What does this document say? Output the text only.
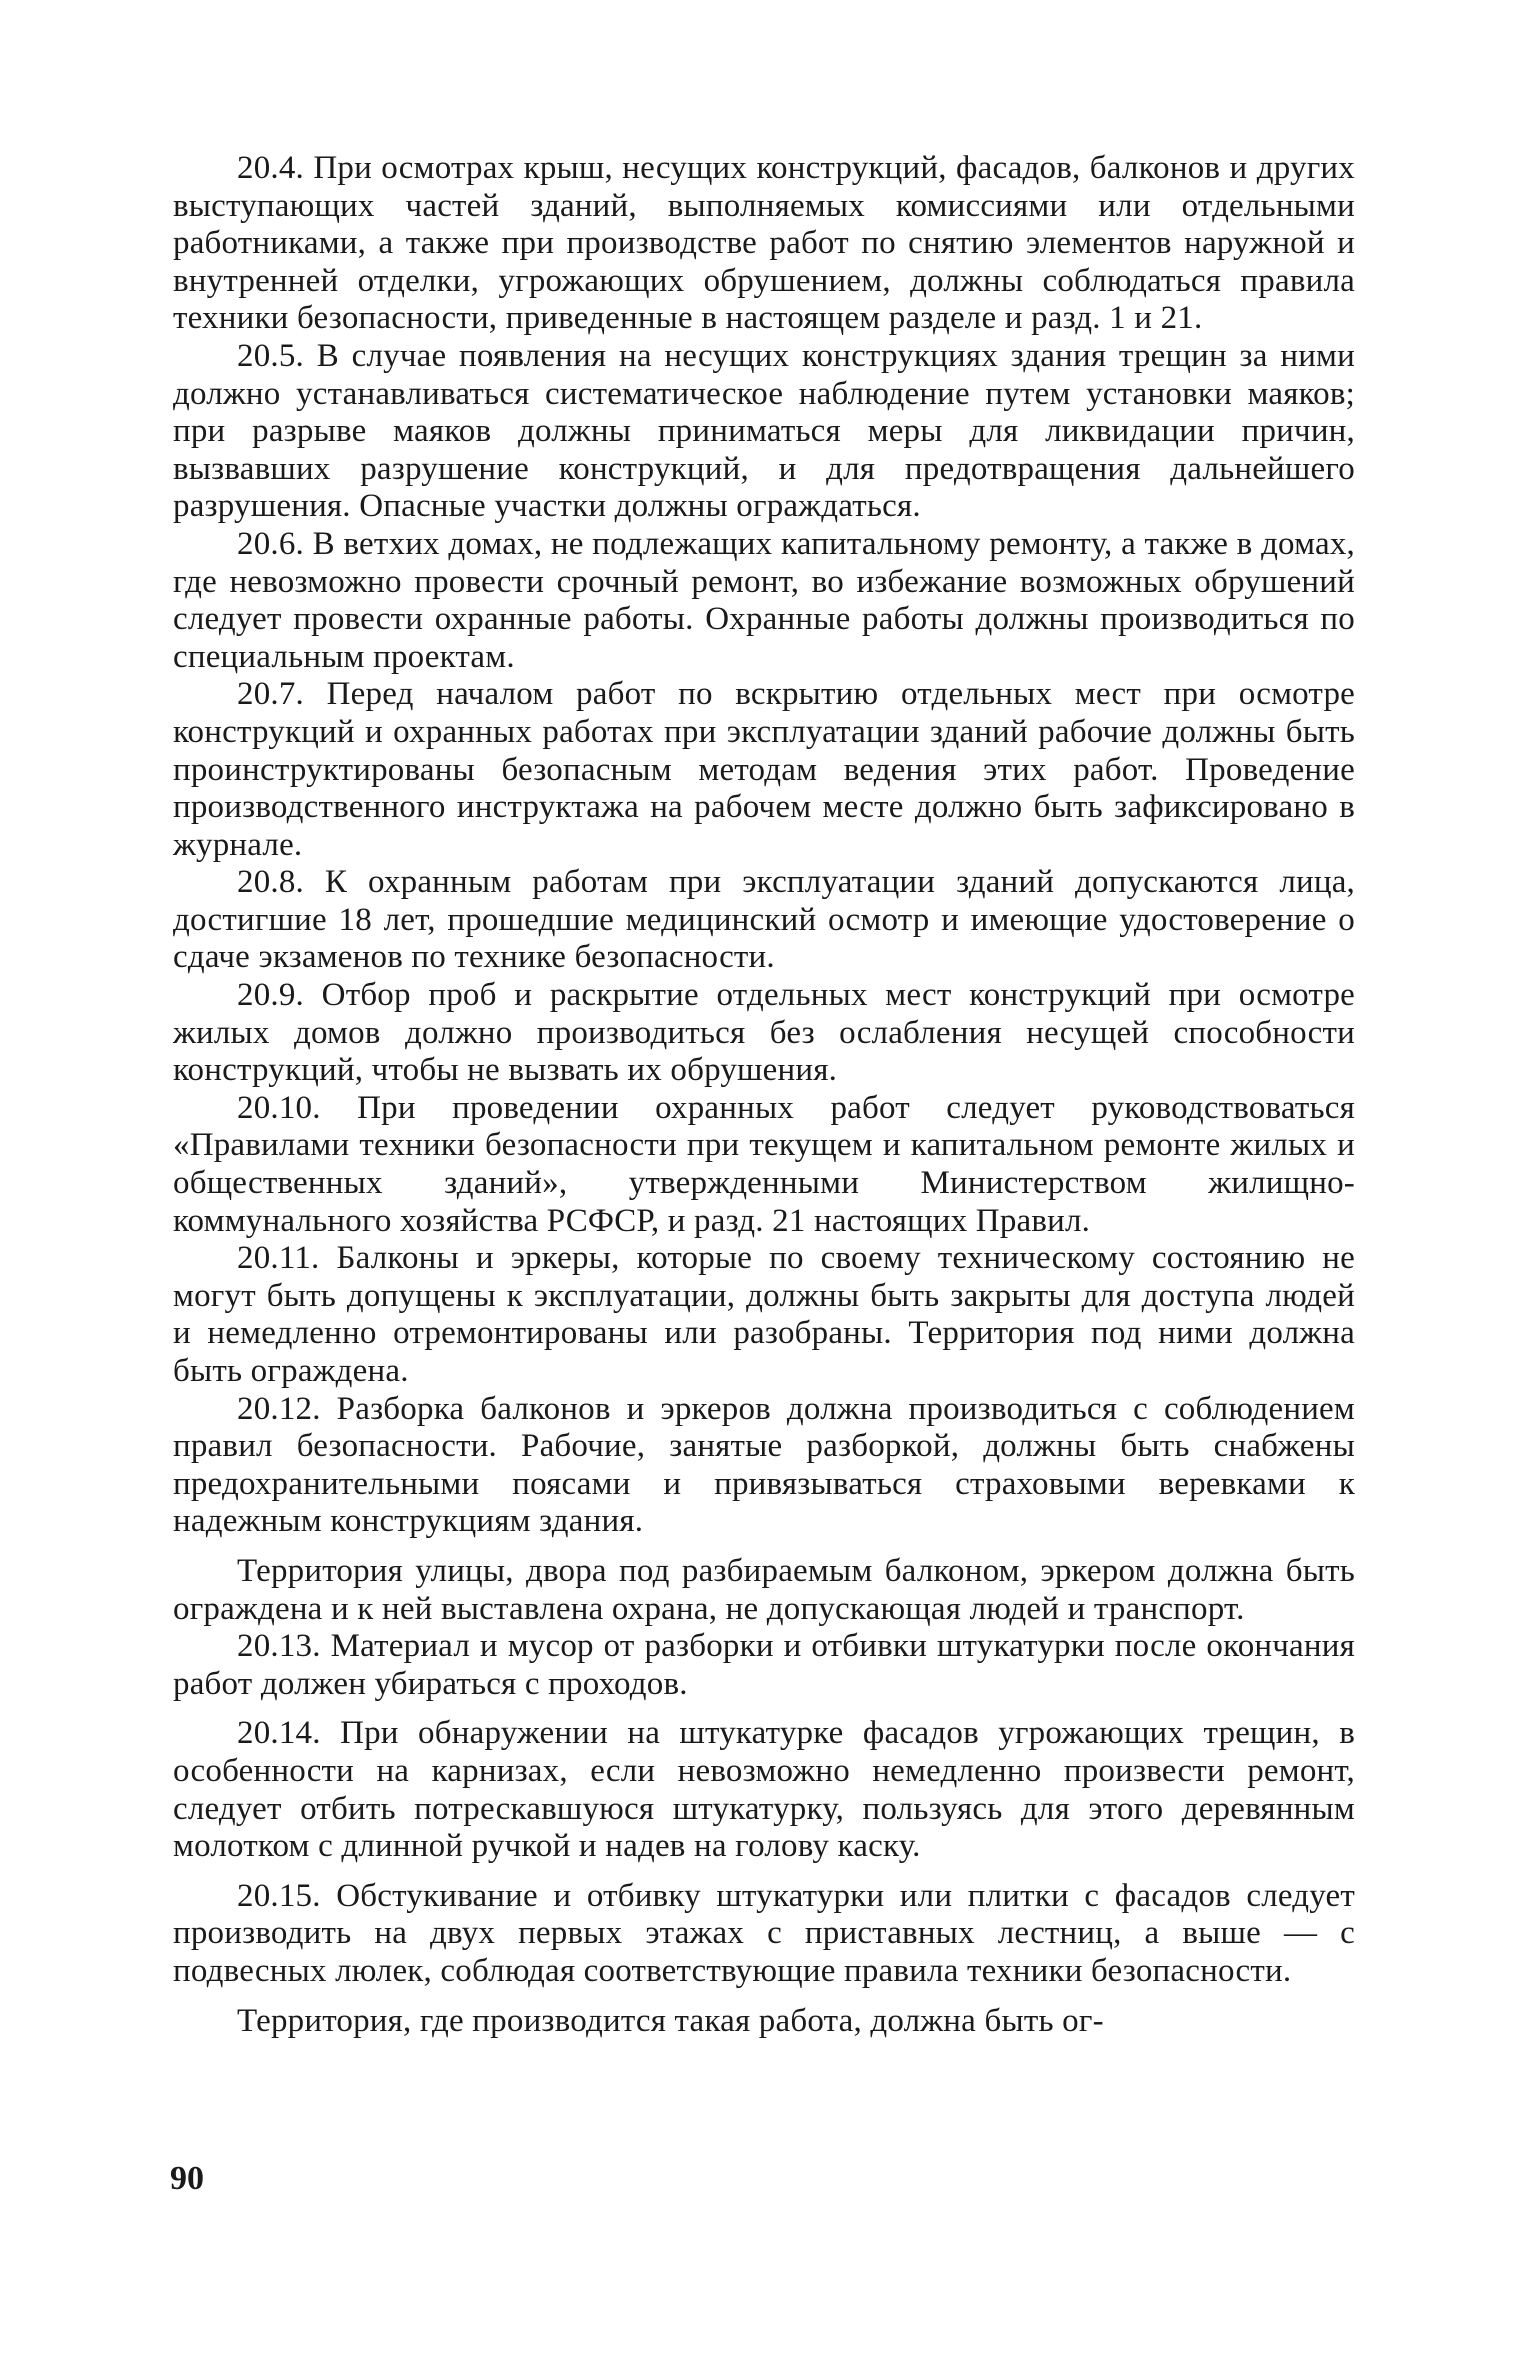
20.4. При осмотрах крыш, несущих конструкций, фасадов, балконов и других выступающих частей зданий, выполняемых комиссиями или отдельными работниками, а также при производстве работ по снятию элементов наружной и внутренней отделки, угрожающих обрушением, должны соблюдаться правила техники безопасности, приведенные в настоящем разделе и разд. 1 и 21.

20.5. В случае появления на несущих конструкциях здания трещин за ними должно устанавливаться систематическое наблюдение путем установки маяков; при разрыве маяков должны приниматься меры для ликвидации причин, вызвавших разрушение конструкций, и для предотвращения дальнейшего разрушения. Опасные участки должны ограждаться.

20.6. В ветхих домах, не подлежащих капитальному ремонту, а также в домах, где невозможно провести срочный ремонт, во избежание возможных обрушений следует провести охранные работы. Охранные работы должны производиться по специальным проектам.

20.7. Перед началом работ по вскрытию отдельных мест при осмотре конструкций и охранных работах при эксплуатации зданий рабочие должны быть проинструктированы безопасным методам ведения этих работ. Проведение производственного инструктажа на рабочем месте должно быть зафиксировано в журнале.

20.8. К охранным работам при эксплуатации зданий допускаются лица, достигшие 18 лет, прошедшие медицинский осмотр и имеющие удостоверение о сдаче экзаменов по технике безопасности.

20.9. Отбор проб и раскрытие отдельных мест конструкций при осмотре жилых домов должно производиться без ослабления несущей способности конструкций, чтобы не вызвать их обрушения.

20.10. При проведении охранных работ следует руководствоваться «Правилами техники безопасности при текущем и капитальном ремонте жилых и общественных зданий», утвержденными Министерством жилищно-коммунального хозяйства РСФСР, и разд. 21 настоящих Правил.

20.11. Балконы и эркеры, которые по своему техническому состоянию не могут быть допущены к эксплуатации, должны быть закрыты для доступа людей и немедленно отремонтированы или разобраны. Территория под ними должна быть ограждена.

20.12. Разборка балконов и эркеров должна производиться с соблюдением правил безопасности. Рабочие, занятые разборкой, должны быть снабжены предохранительными поясами и привязываться страховыми веревками к надежным конструкциям здания.

Территория улицы, двора под разбираемым балконом, эркером должна быть ограждена и к ней выставлена охрана, не допускающая людей и транспорт.

20.13. Материал и мусор от разборки и отбивки штукатурки после окончания работ должен убираться с проходов.

20.14. При обнаружении на штукатурке фасадов угрожающих трещин, в особенности на карнизах, если невозможно немедленно произвести ремонт, следует отбить потрескавшуюся штукатурку, пользуясь для этого деревянным молотком с длинной ручкой и надев на голову каску.

20.15. Обстукивание и отбивку штукатурки или плитки с фасадов следует производить на двух первых этажах с приставных лестниц, а выше — с подвесных люлек, соблюдая соответствующие правила техники безопасности.

Территория, где производится такая работа, должна быть ог-

90
